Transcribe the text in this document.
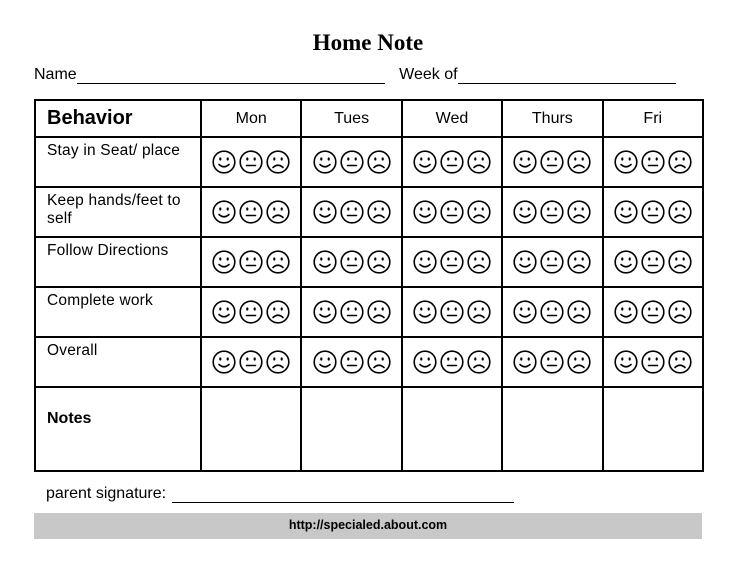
Home Note
Name	Week of
Behavior	Mon	Tues	Wed	Thurs	Fri

Stay in Seat/ place

Keep hands/feet to self

Follow Directions

Complete work

Overall

Notes					

parent signature:
http://specialed.about.com
